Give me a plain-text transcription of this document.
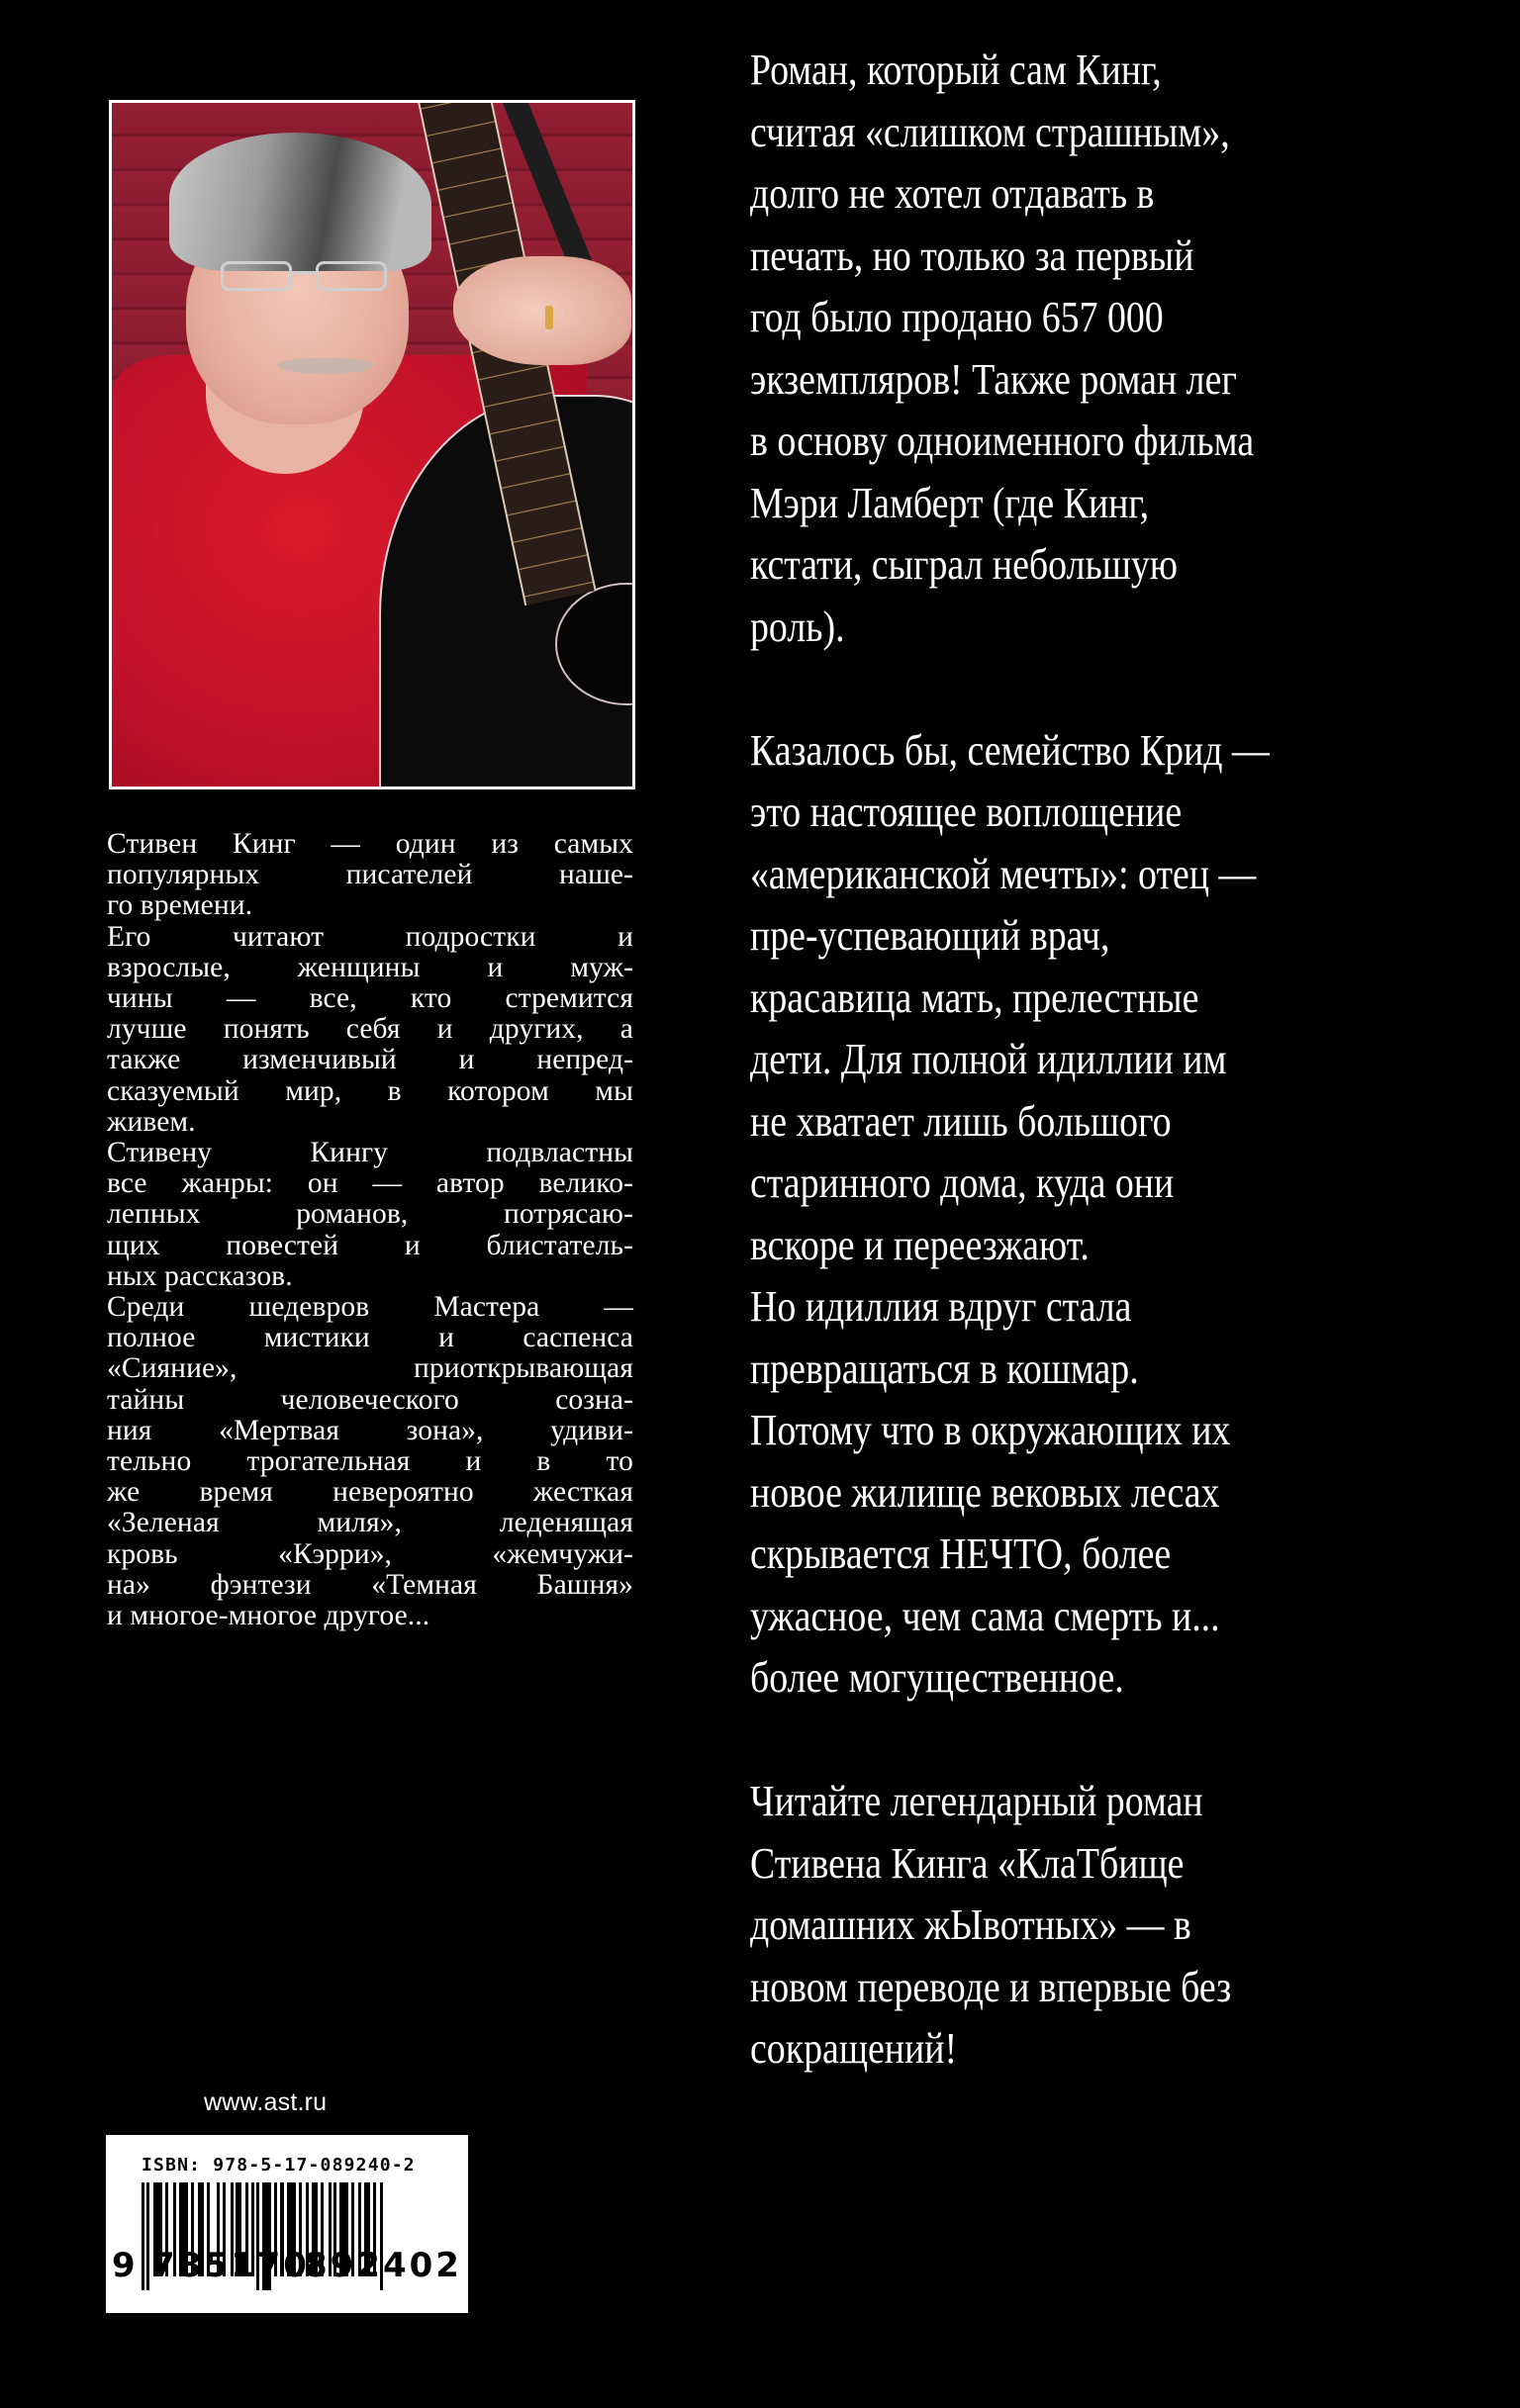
Стивен Кинг — один из самых
популярных писателей наше-
го времени.

Его читают подростки и
взрослые, женщины и муж-
чины — все, кто стремится
лучше понять себя и других, а
также изменчивый и непред-
сказуемый мир, в котором мы
живем.

Стивену Кингу подвластны
все жанры: он — автор велико-
лепных романов, потрясаю-
щих повестей и блистатель-
ных рассказов.

Среди шедевров Мастера —
полное мистики и саспенса
«Сияние», приоткрывающая
тайны человеческого созна-
ния «Мертвая зона», удиви-
тельно трогательная и в то
же время невероятно жесткая
«Зеленая миля», леденящая
кровь «Кэрри», «жемчужи-
на» фэнтези «Темная Башня»
и многое-многое другое...

www.ast.ru
ISBN: 978-5-17-089240-2
9 785170
892402

Роман, который сам Кинг,
считая «слишком страшным»,
долго не хотел отдавать в
печать, но только за первый
год было продано 657 000
экземпляров! Также роман лег
в основу одноименного фильма
Мэри Ламберт (где Кинг,
кстати, сыграл небольшую
роль).

Казалось бы, семейство Крид —
это настоящее воплощение
«американской мечты»: отец —
пре-успевающий врач,
красавица мать, прелестные
дети. Для полной идиллии им
не хватает лишь большого
старинного дома, куда они
вскоре и переезжают.
Но идиллия вдруг стала
превращаться в кошмар.
Потому что в окружающих их
новое жилище вековых лесах
скрывается НЕЧТО, более
ужасное, чем сама смерть и...
более могущественное.

Читайте легендарный роман
Стивена Кинга «КлаТбище
домашних жЫвотных» — в
новом переводе и впервые без
сокращений!
